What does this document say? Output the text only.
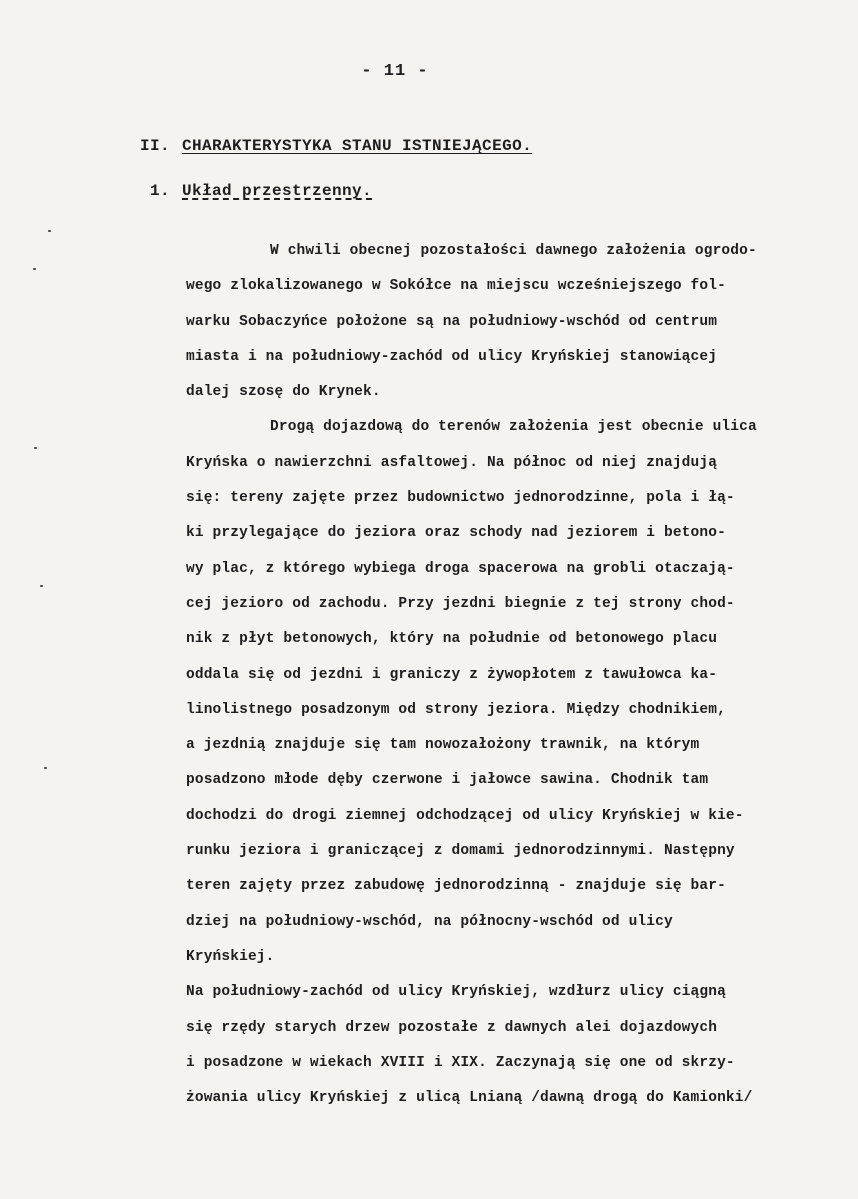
- 11 -
II. CHARAKTERYSTYKA STANU ISTNIEJĄCEGO.
1. Układ przestrzenny.
W chwili obecnej pozostałości dawnego założenia ogrodo-
wego zlokalizowanego w Sokółce na miejscu wcześniejszego fol-
warku Sobaczyńce położone są na południowy-wschód od centrum
miasta i na południowy-zachód od ulicy Kryńskiej stanowiącej
dalej szosę do Krynek.
Drogą dojazdową do terenów założenia jest obecnie ulica
Kryńska o nawierzchni asfaltowej. Na północ od niej znajdują
się: tereny zajęte przez budownictwo jednorodzinne, pola i łą-
ki przylegające do jeziora oraz schody nad jeziorem i betono-
wy plac, z którego wybiega droga spacerowa na grobli otaczają-
cej jezioro od zachodu. Przy jezdni biegnie z tej strony chod-
nik z płyt betonowych, który na południe od betonowego placu
oddala się od jezdni i graniczy z żywopłotem z tawułowca ka-
linolistnego posadzonym od strony jeziora. Między chodnikiem,
a jezdnią znajduje się tam nowozałożony trawnik, na którym
posadzono młode dęby czerwone i jałowce sawina. Chodnik tam
dochodzi do drogi ziemnej odchodzącej od ulicy Kryńskiej w kie-
runku jeziora i graniczącej z domami jednorodzinnymi. Następny
teren zajęty przez zabudowę jednorodzinną - znajduje się bar-
dziej na południowy-wschód, na północny-wschód od ulicy
Kryńskiej.
Na południowy-zachód od ulicy Kryńskiej, wzdłurz ulicy ciągną
się rzędy starych drzew pozostałe z dawnych alei dojazdowych
i posadzone w wiekach XVIII i XIX. Zaczynają się one od skrzy-
żowania ulicy Kryńskiej z ulicą Lnianą /dawną drogą do Kamionki/
